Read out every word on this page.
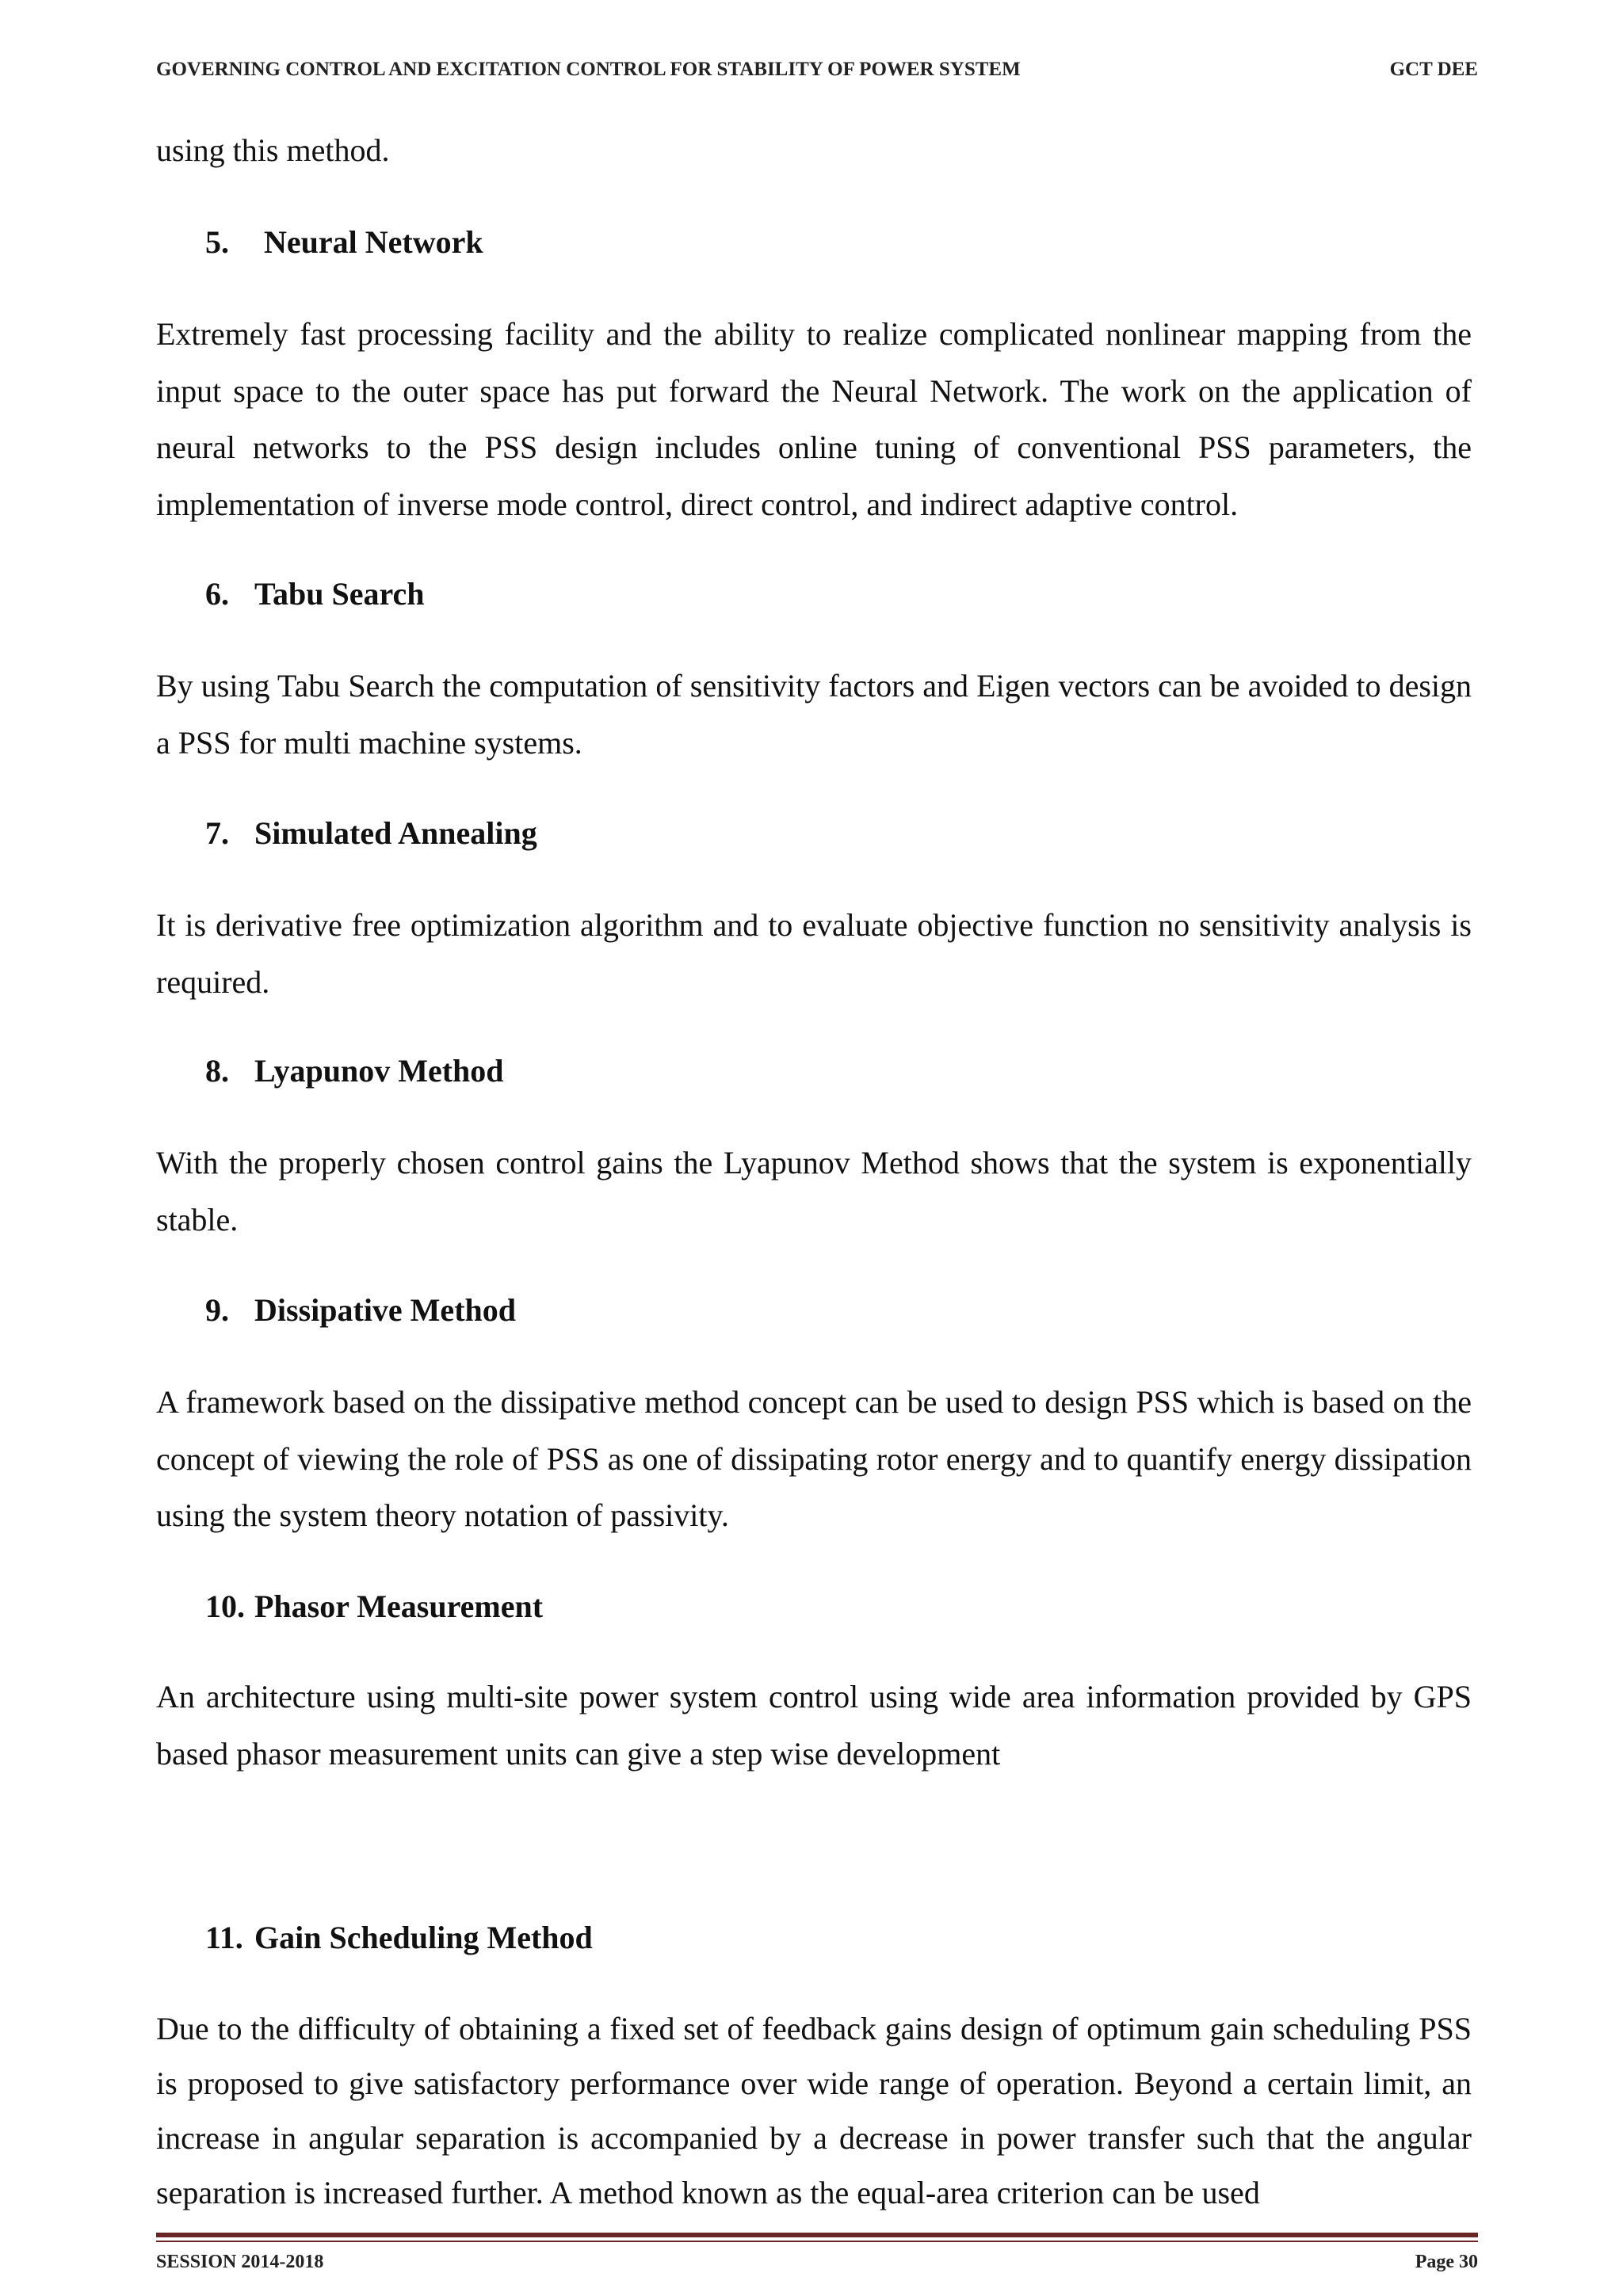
GOVERNING CONTROL AND EXCITATION CONTROL FOR STABILITY OF POWER SYSTEM	GCT DEE

using this method.

5. Neural Network

Extremely fast processing facility and the ability to realize complicated nonlinear mapping from the input space to the outer space has put forward the Neural Network. The work on the application of neural networks to the PSS design includes online tuning of conventional PSS parameters, the implementation of inverse mode control, direct control, and indirect adaptive control.

6. Tabu Search

By using Tabu Search the computation of sensitivity factors and Eigen vectors can be avoided to design a PSS for multi machine systems.

7. Simulated Annealing

It is derivative free optimization algorithm and to evaluate objective function no sensitivity analysis is required.

8. Lyapunov Method

With the properly chosen control gains the Lyapunov Method shows that the system is exponentially stable.

9. Dissipative Method

A framework based on the dissipative method concept can be used to design PSS which is based on the concept of viewing the role of PSS as one of dissipating rotor energy and to quantify energy dissipation using the system theory notation of passivity.

10. Phasor Measurement

An architecture using multi-site power system control using wide area information provided by GPS based phasor measurement units can give a step wise development

11. Gain Scheduling Method

Due to the difficulty of obtaining a fixed set of feedback gains design of optimum gain scheduling PSS is proposed to give satisfactory performance over wide range of operation. Beyond a certain limit, an increase in angular separation is accompanied by a decrease in power transfer such that the angular separation is increased further. A method known as the equal-area criterion can be used

SESSION 2014-2018	Page 30
